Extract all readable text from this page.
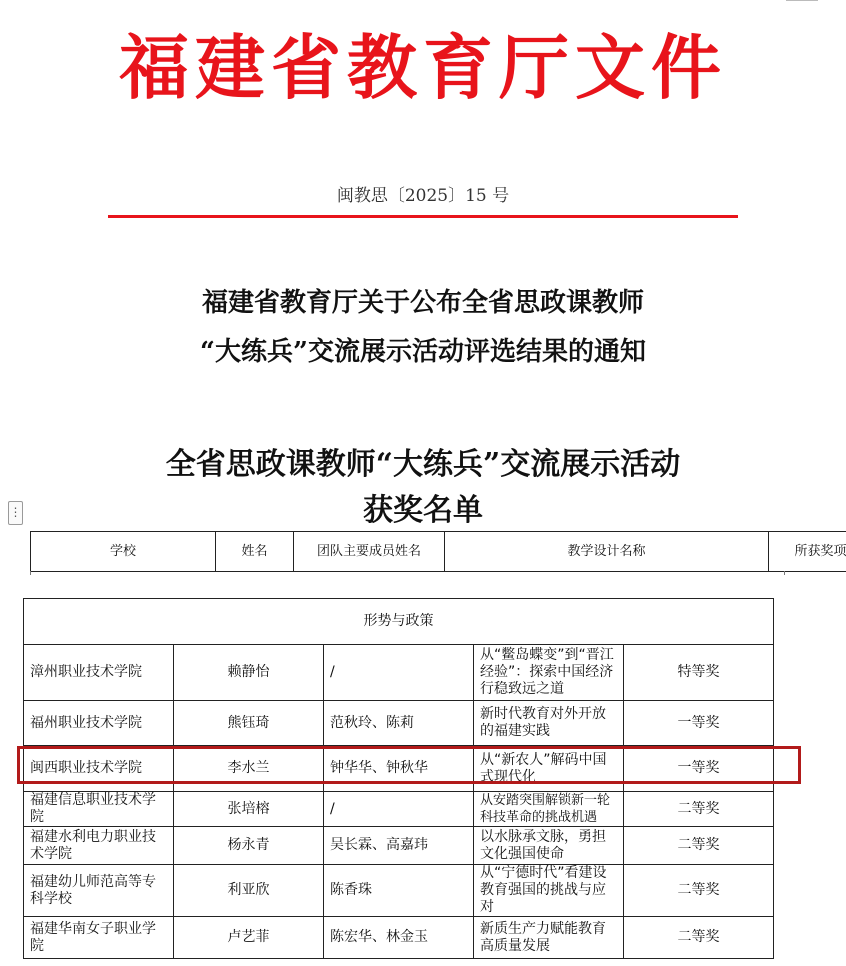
福建省教育厅文件
闽教思〔2025〕15 号
福建省教育厅关于公布全省思政课教师
“大练兵”交流展示活动评选结果的通知
全省思政课教师“大练兵”交流展示活动
获奖名单
⋮
学校	姓名	团队主要成员姓名	教学设计名称	所获奖项
形势与政策				
漳州职业技术学院	赖静怡	/	从“鳖岛蝶变”到“晋江经验”：探索中国经济行稳致远之道	特等奖
福州职业技术学院	熊钰琦	范秋玲、陈莉	新时代教育对外开放的福建实践	一等奖
闽西职业技术学院	李水兰	钟华华、钟秋华	从“新农人”解码中国式现代化	一等奖
福建信息职业技术学院	张培榕	/	从安踏突围解锁新一轮科技革命的挑战机遇	二等奖
福建水利电力职业技术学院	杨永青	吴长霖、高嘉玮	以水脉承文脉，勇担文化强国使命	二等奖
福建幼儿师范高等专科学校	利亚欣	陈香珠	从“宁德时代”看建设教育强国的挑战与应对	二等奖
福建华南女子职业学院	卢艺菲	陈宏华、林金玉	新质生产力赋能教育高质量发展	二等奖
